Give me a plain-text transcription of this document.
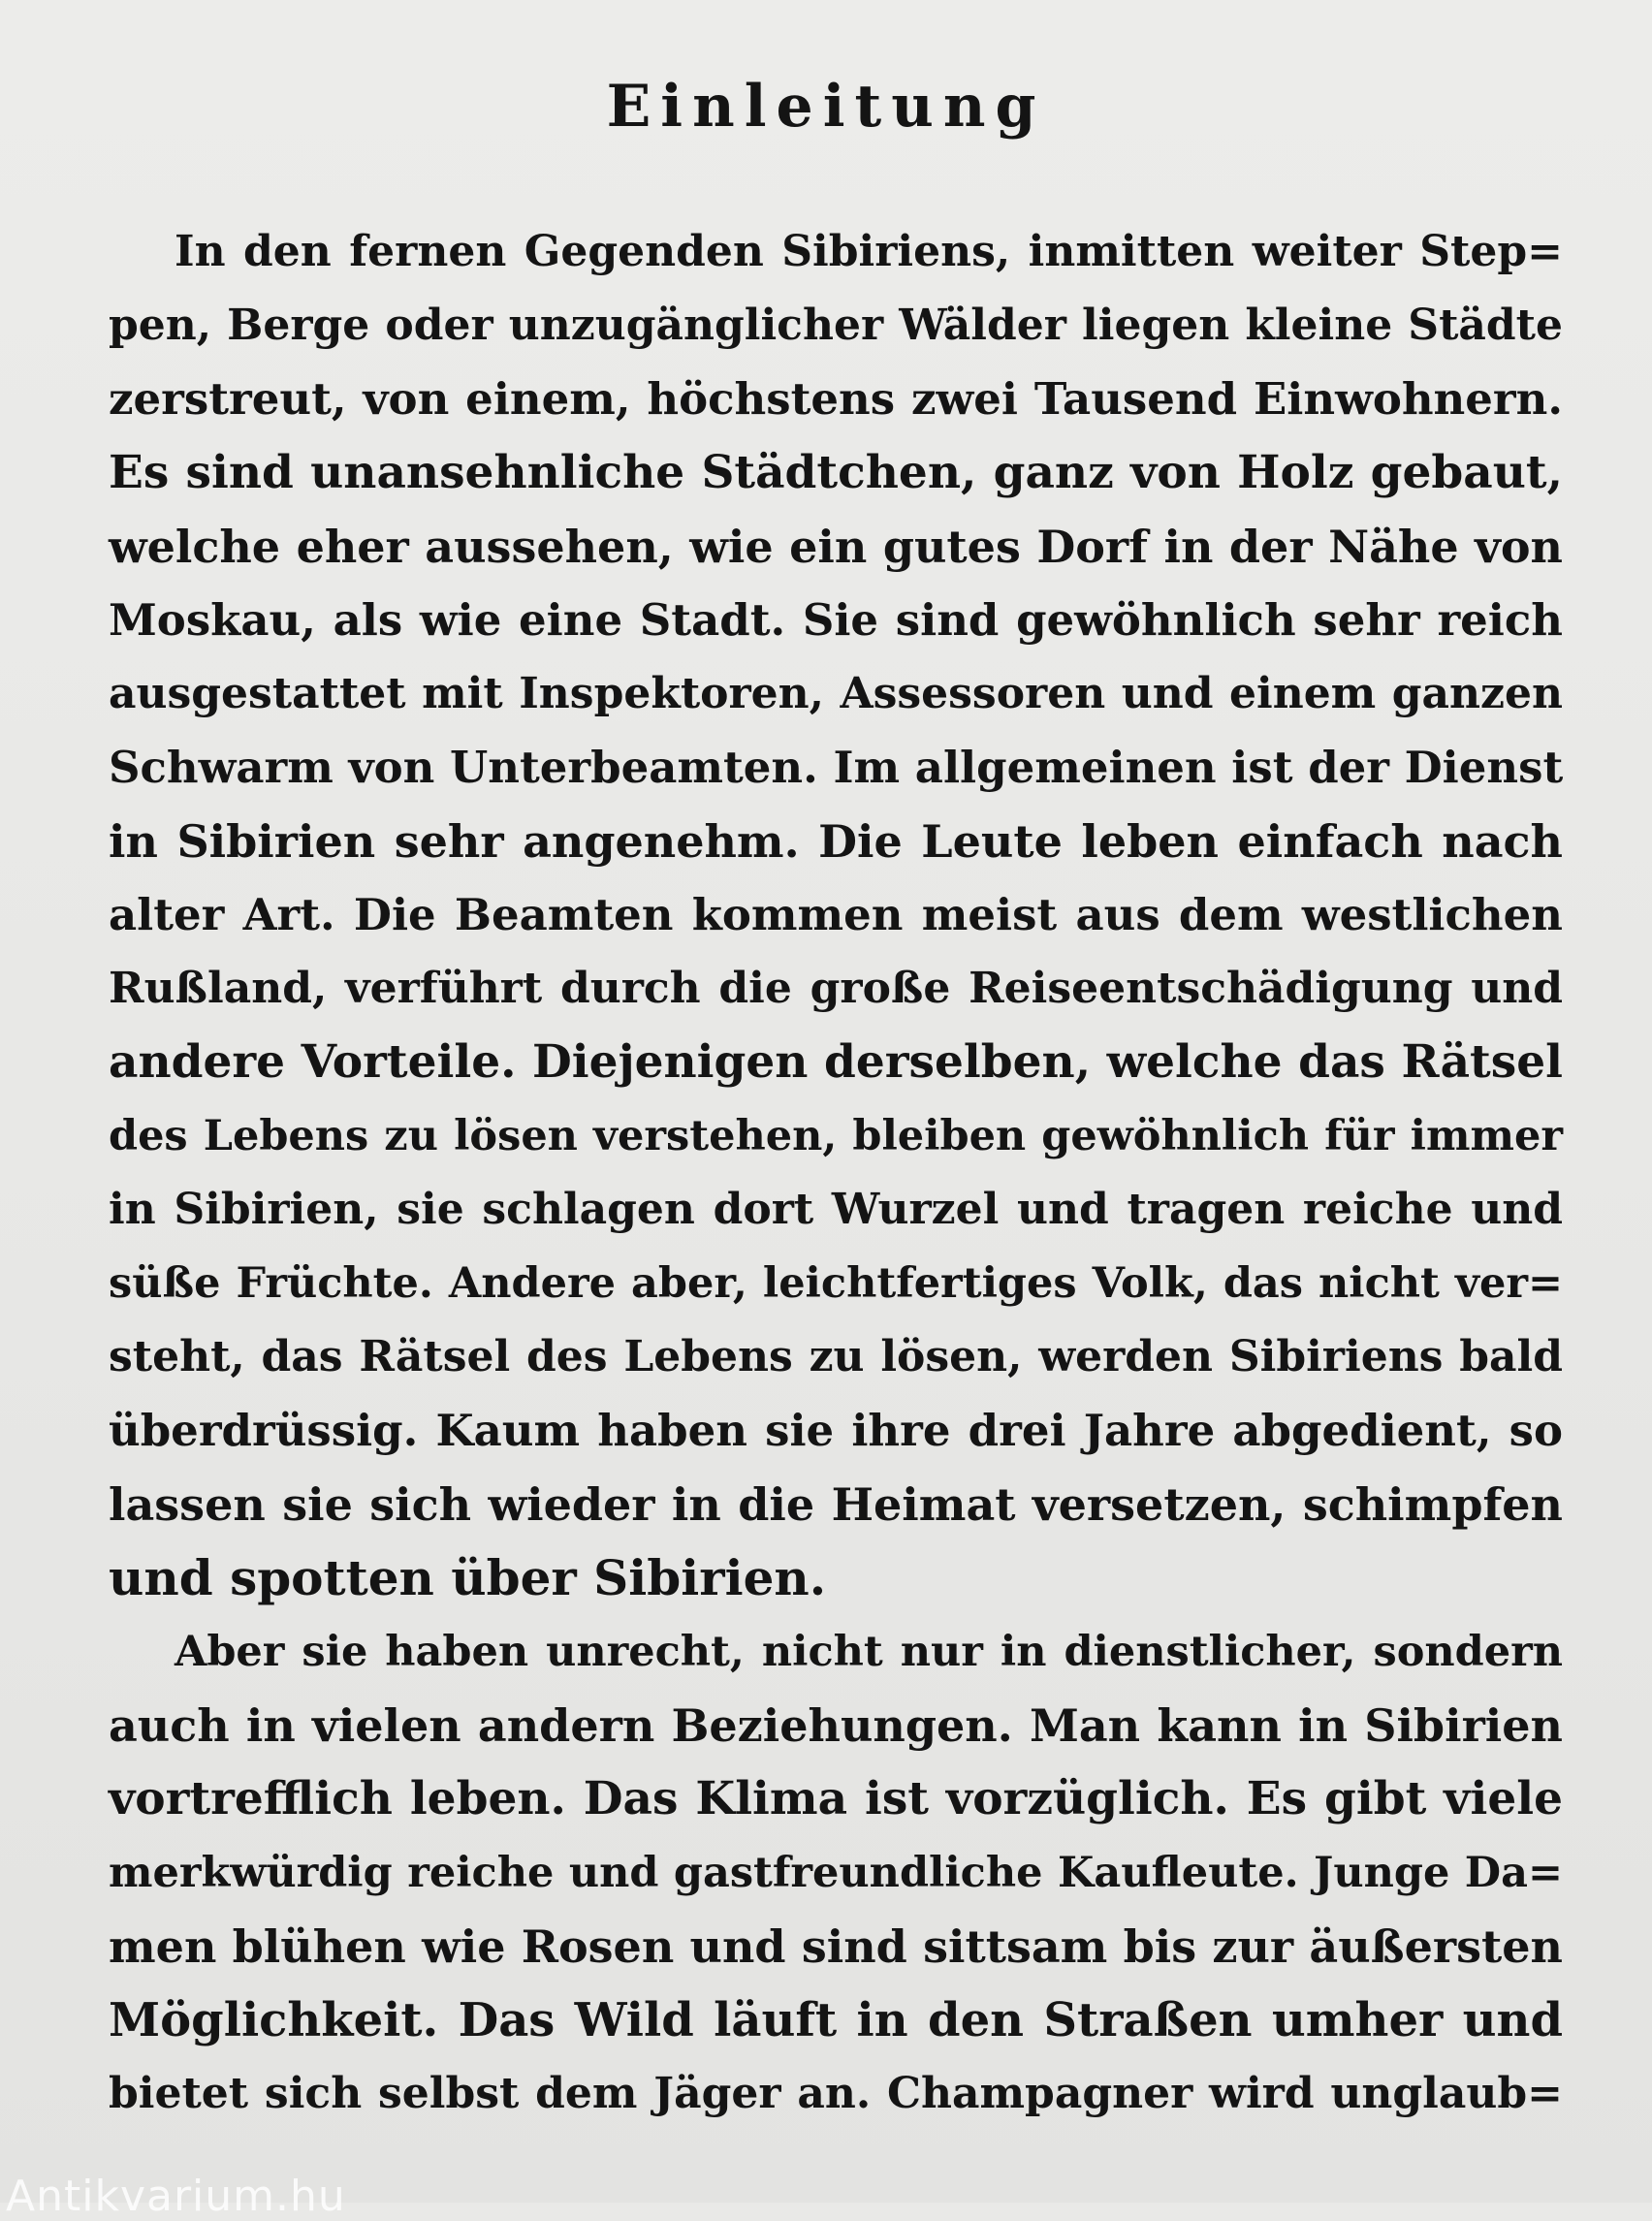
Einleitung
In den fernen Gegenden Sibiriens, inmitten weiter Step=
pen, Berge oder unzugänglicher Wälder liegen kleine Städte
zerstreut, von einem, höchstens zwei Tausend Einwohnern.
Es sind unansehnliche Städtchen, ganz von Holz gebaut,
welche eher aussehen, wie ein gutes Dorf in der Nähe von
Moskau, als wie eine Stadt. Sie sind gewöhnlich sehr reich
ausgestattet mit Inspektoren, Assessoren und einem ganzen
Schwarm von Unterbeamten. Im allgemeinen ist der Dienst
in Sibirien sehr angenehm. Die Leute leben einfach nach
alter Art. Die Beamten kommen meist aus dem westlichen
Rußland, verführt durch die große Reiseentschädigung und
andere Vorteile. Diejenigen derselben, welche das Rätsel
des Lebens zu lösen verstehen, bleiben gewöhnlich für immer
in Sibirien, sie schlagen dort Wurzel und tragen reiche und
süße Früchte. Andere aber, leichtfertiges Volk, das nicht ver=
steht, das Rätsel des Lebens zu lösen, werden Sibiriens bald
überdrüssig. Kaum haben sie ihre drei Jahre abgedient, so
lassen sie sich wieder in die Heimat versetzen, schimpfen
und spotten über Sibirien.
Aber sie haben unrecht, nicht nur in dienstlicher, sondern
auch in vielen andern Beziehungen. Man kann in Sibirien
vortrefflich leben. Das Klima ist vorzüglich. Es gibt viele
merkwürdig reiche und gastfreundliche Kaufleute. Junge Da=
men blühen wie Rosen und sind sittsam bis zur äußersten
Möglichkeit. Das Wild läuft in den Straßen umher und
bietet sich selbst dem Jäger an. Champagner wird unglaub=
Antikvarium.hu
